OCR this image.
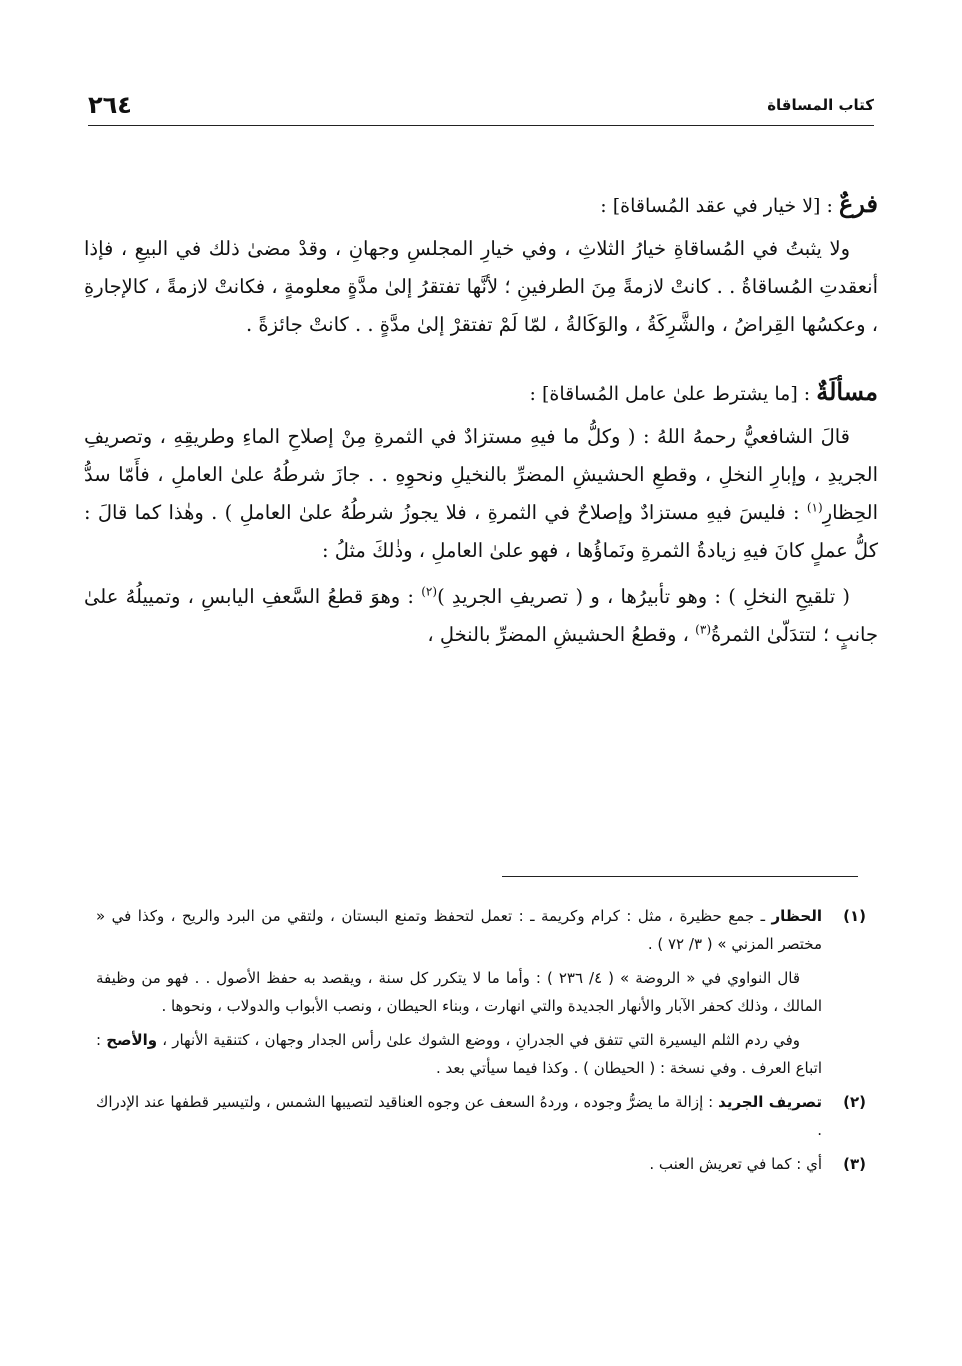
٢٦٤	كتاب المساقاة

فرعٌ : [لا خيار في عقد المُساقاة] :

ولا يثبتُ في المُساقاةِ خيارُ الثلاثِ ، وفي خيارِ المجلسِ وجهانِ ، وقدْ مضىٰ ذلك في البيعِ ، فإذا أنعقدتِ المُساقاةُ . . كانتْ لازمةً مِنَ الطرفينِ ؛ لأنَّها تفتقرُ إلىٰ مدَّةٍ معلومةٍ ، فكانتْ لازمةً ، كالإجارةِ ، وعكسُها القِراضُ ، والشَّرِكَةُ ، والوَكَالةُ ، لمّا لَمْ تفتقرْ إلىٰ مدَّةٍ . . كانتْ جائزةً .

مسألَةٌ : [ما يشترط علىٰ عامل المُساقاة] :

قالَ الشافعيُّ رحمهُ اللهُ : ( وكلُّ ما فيهِ مستزادٌ في الثمرةِ مِنْ إصلاحِ الماءِ وطريقِهِ ، وتصريفِ الجريدِ ، وإبارِ النخلِ ، وقطعِ الحشيشِ المضرِّ بالنخيلِ ونحوِهِ . . جازَ شرطُهُ علىٰ العاملِ ، فأَمّا سدُّ الحِظارِ$^{(١)}$ : فليسَ فيهِ مستزادٌ وإصلاحٌ في الثمرةِ ، فلا يجوزُ شرطُهُ علىٰ العاملِ ) . وهٰذا كما قالَ : كلُّ عملٍ كانَ فيهِ زيادةُ الثمرةِ ونَماؤُها ، فهو علىٰ العاملِ ، وذٰلكَ مثلُ :

( تلقيحِ النخلِ ) : وهو تأبيرُها ، و ( تصريفِ الجريدِ )$^{(٢)}$ : وهوَ قطعُ السَّعفِ اليابسِ ، وتمييلُهُ علىٰ جانبٍ ؛ لتتدَلّىٰ الثمرةُ$^{(٣)}$ ، وقطعُ الحشيشِ المضرِّ بالنخلِ ،

(١)
الحظار ـ جمع حظيرة ، مثل : كرام وكريمة ـ : تعمل لتحفظ وتمنع البستان ، ولتقي من البرد والريح ، وكذا في « مختصر المزني » ( ٣/ ٧٢ ) .

قال النواوي في « الروضة » ( ٤/ ٢٣٦ ) : وأما ما لا يتكرر كل سنة ، ويقصد به حفظ الأصول . . فهو من وظيفة المالك ، وذلك كحفر الآبار والأنهار الجديدة والتي انهارت ، وبناء الحيطان ، ونصب الأبواب والدولاب ، ونحوها .

وفي ردم الثلم اليسيرة التي تتفق في الجدرانِ ، ووضع الشوك علىٰ رأس الجدار وجهان ، كتنقية الأنهار ، والأصح : اتباع العرف . وفي نسخة : ( الحيطان ) . وكذا فيما سيأتي بعد .

(٢)
تصريف الجريد : إزالة ما يضرُّ وجوده ، وردهُ السعف عن وجوه العناقيد لتصيبها الشمس ، ولتيسير قطفها عند الإدراك .
(٣)
أي : كما في تعريش العنب .
